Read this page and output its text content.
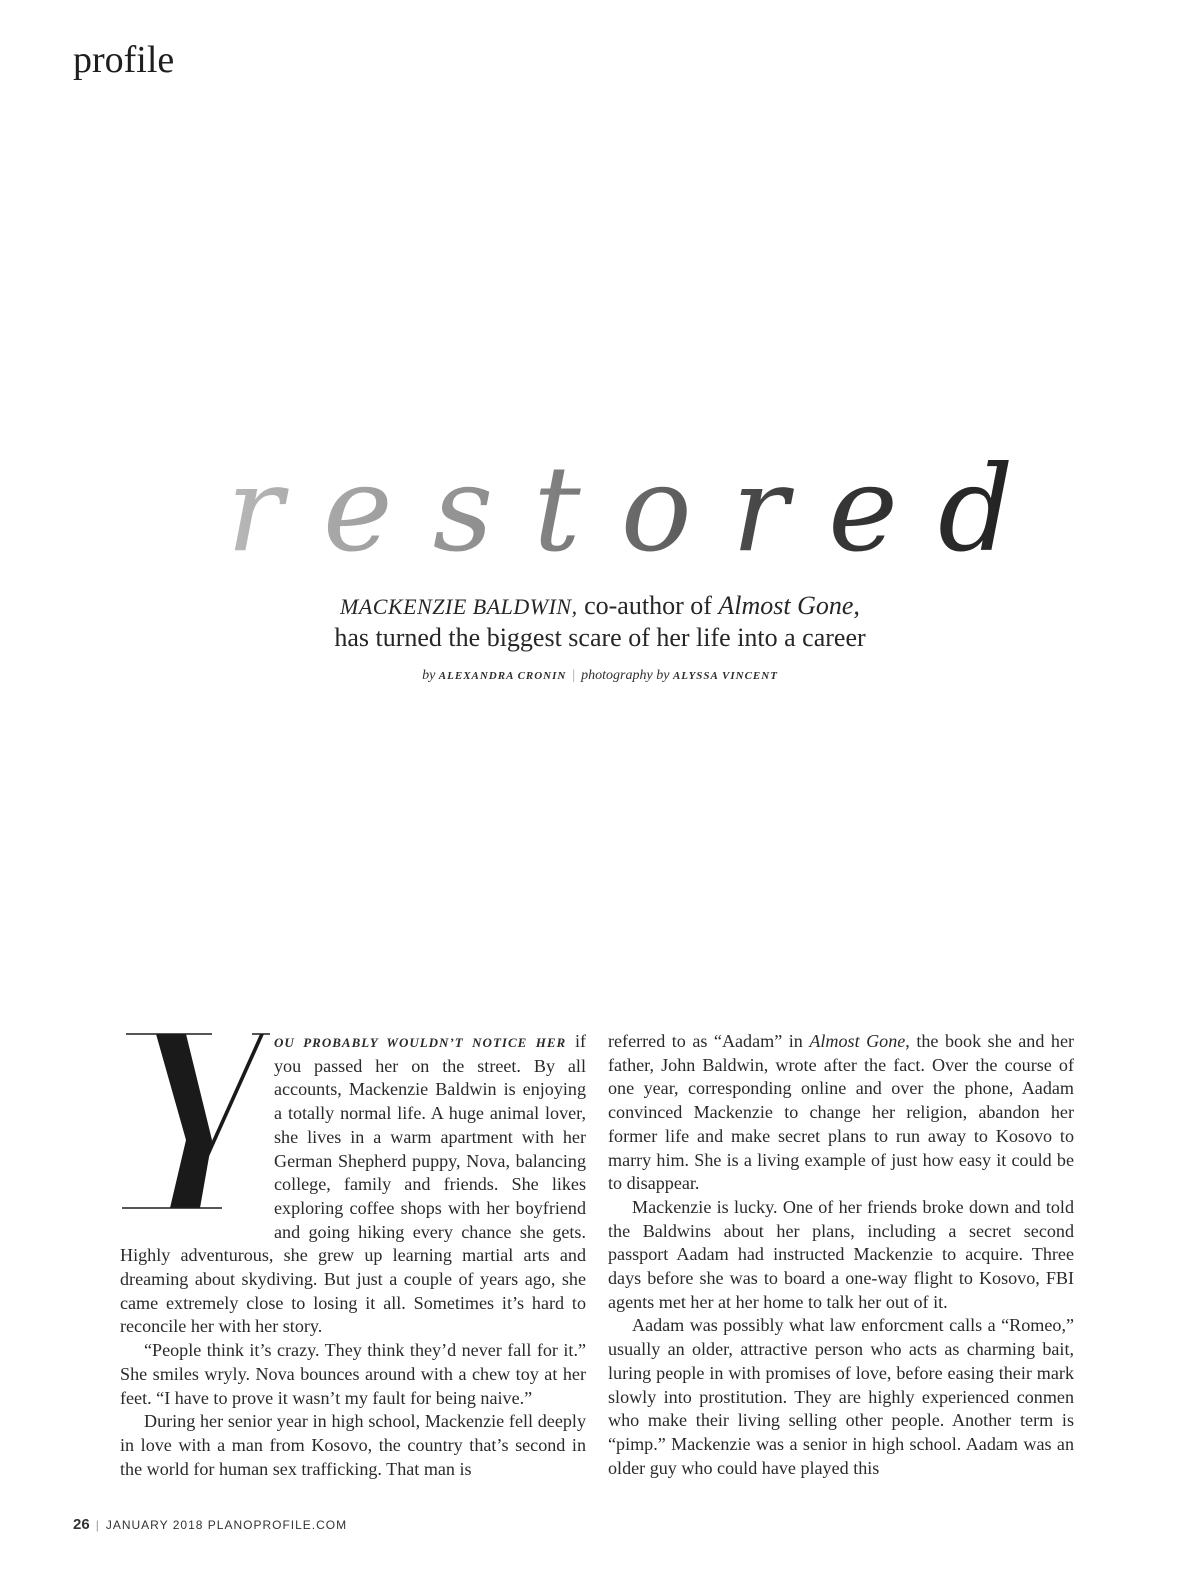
profile
restored
MACKENZIE BALDWIN, co-author of Almost Gone,
has turned the biggest scare of her life into a career
by ALEXANDRA CRONIN | photography by ALYSSA VINCENT

OU PROBABLY WOULDN’T NOTICE HER if you passed her on the street. By all accounts, Mackenzie Baldwin is enjoying a totally normal life. A huge animal lover, she lives in a warm apartment with her German Shepherd puppy, Nova, balancing college, family and friends. She likes exploring coffee shops with her boyfriend and going hiking every chance she gets. Highly adventurous, she grew up learning martial arts and dreaming about skydiving. But just a couple of years ago, she came extremely close to losing it all. Sometimes it’s hard to reconcile her with her story.

“People think it’s crazy. They think they’d never fall for it.” She smiles wryly. Nova bounces around with a chew toy at her feet. “I have to prove it wasn’t my fault for being naive.”

During her senior year in high school, Mackenzie fell deeply in love with a man from Kosovo, the country that’s second in the world for human sex trafficking. That man is

referred to as “Aadam” in Almost Gone, the book she and her father, John Baldwin, wrote after the fact. Over the course of one year, corresponding online and over the phone, Aadam convinced Mackenzie to change her religion, abandon her former life and make secret plans to run away to Kosovo to marry him. She is a living example of just how easy it could be to disappear.

Mackenzie is lucky. One of her friends broke down and told the Baldwins about her plans, including a secret second passport Aadam had instructed Mackenzie to acquire. Three days before she was to board a one-way flight to Kosovo, FBI agents met her at her home to talk her out of it.

Aadam was possibly what law enforcment calls a “Romeo,” usually an older, attractive person who acts as charming bait, luring people in with promises of love, before easing their mark slowly into prostitution. They are highly experienced conmen who make their living selling other people. Another term is “pimp.” Mackenzie was a senior in high school. Aadam was an older guy who could have played this

26 | JANUARY 2018 PLANOPROFILE.COM
